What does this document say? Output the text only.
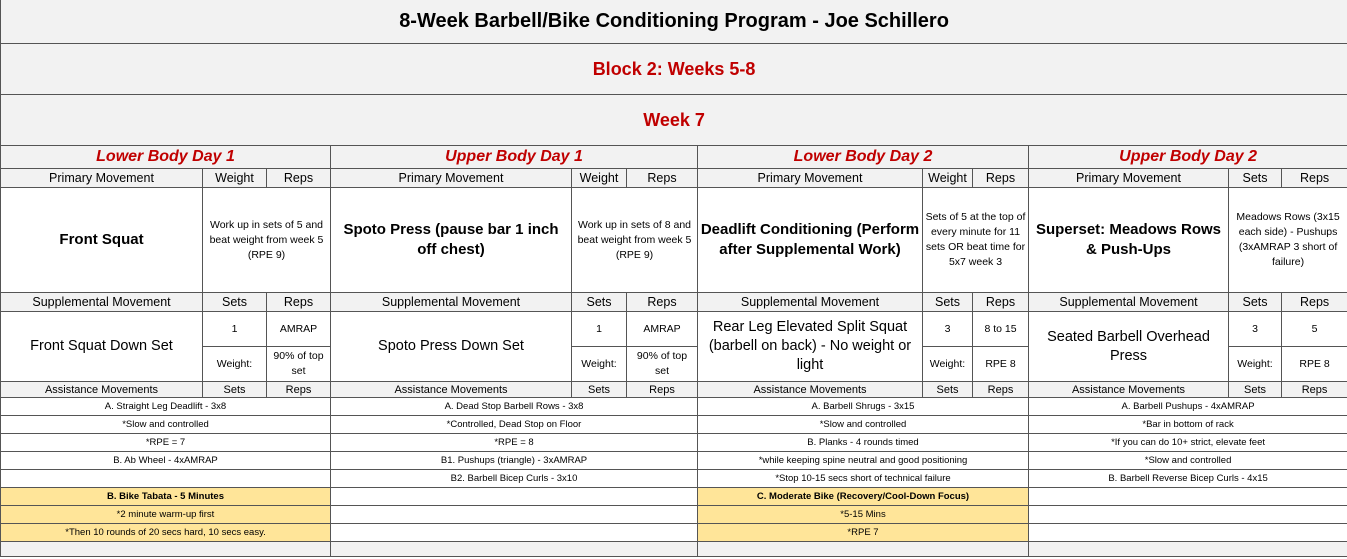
8-Week Barbell/Bike Conditioning Program - Joe Schillero											
Block 2: Weeks 5-8											
Week 7											
Lower Body Day 1			Upper Body Day 1			Lower Body Day 2			Upper Body Day 2		
Primary Movement	Weight	Reps	Primary Movement	Weight	Reps	Primary Movement	Weight	Reps	Primary Movement	Sets	Reps
Front Squat	Work up in sets of 5 and beat weight from week 5 (RPE 9)		Spoto Press (pause bar 1 inch off chest)	Work up in sets of 8 and beat weight from week 5 (RPE 9)		Deadlift Conditioning (Perform after Supplemental Work)	Sets of 5 at the top of every minute for 11 sets OR beat time for 5x7 week 3		Superset: Meadows Rows & Push-Ups	Meadows Rows (3x15 each side) - Pushups (3xAMRAP 3 short of failure)	
Supplemental Movement	Sets	Reps	Supplemental Movement	Sets	Reps	Supplemental Movement	Sets	Reps	Supplemental Movement	Sets	Reps
Front Squat Down Set	1	AMRAP	Spoto Press Down Set	1	AMRAP	Rear Leg Elevated Split Squat (barbell on back) - No weight or light	3	8 to 15	Seated Barbell Overhead Press	3	5
	Weight:	90% of top set		Weight:	90% of top set		Weight:	RPE 8		Weight:	RPE 8
Assistance Movements	Sets	Reps	Assistance Movements	Sets	Reps	Assistance Movements	Sets	Reps	Assistance Movements	Sets	Reps
A. Straight Leg Deadlift - 3x8			A. Dead Stop Barbell Rows - 3x8			A. Barbell Shrugs - 3x15			A. Barbell Pushups - 4xAMRAP		
*Slow and controlled			*Controlled, Dead Stop on Floor			*Slow and controlled			*Bar in bottom of rack		
*RPE = 7			*RPE = 8			B. Planks - 4 rounds timed			*If you can do 10+ strict, elevate feet		
B. Ab Wheel - 4xAMRAP			B1. Pushups (triangle) - 3xAMRAP			*while keeping spine neutral and good positioning			*Slow and controlled		
			B2. Barbell Bicep Curls - 3x10			*Stop 10-15 secs short of technical failure			B. Barbell Reverse Bicep Curls - 4x15		
B. Bike Tabata - 5 Minutes						C. Moderate Bike (Recovery/Cool-Down Focus)					
*2 minute warm-up first						*5-15 Mins					
*Then 10 rounds of 20 secs hard, 10 secs easy.						*RPE 7					
